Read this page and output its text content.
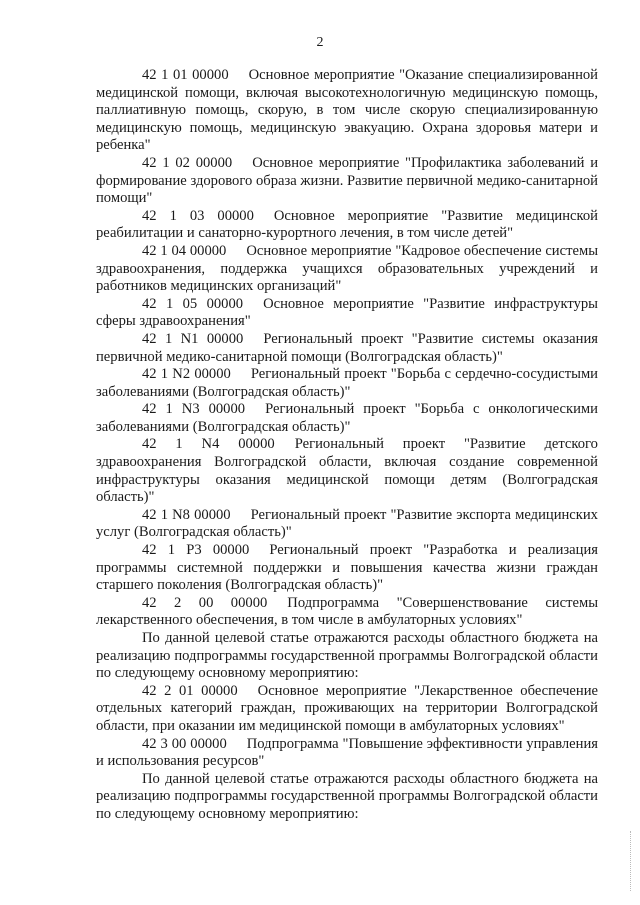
2

42 1 01 00000 Основное мероприятие "Оказание специализированной медицинской помощи, включая высокотехнологичную медицинскую помощь, паллиативную помощь, скорую, в том числе скорую специализированную медицинскую помощь, медицинскую эвакуацию. Охрана здоровья матери и ребенка"

42 1 02 00000 Основное мероприятие "Профилактика заболеваний и формирование здорового образа жизни. Развитие первичной медико-санитарной помощи"

42 1 03 00000 Основное мероприятие "Развитие медицинской реабилитации и санаторно-курортного лечения, в том числе детей"

42 1 04 00000 Основное мероприятие "Кадровое обеспечение системы здравоохранения, поддержка учащихся образовательных учреждений и работников медицинских организаций"

42 1 05 00000 Основное мероприятие "Развитие инфраструктуры сферы здравоохранения"

42 1 N1 00000 Региональный проект "Развитие системы оказания первичной медико-санитарной помощи (Волгоградская область)"

42 1 N2 00000 Региональный проект "Борьба с сердечно-сосудистыми заболеваниями (Волгоградская область)"

42 1 N3 00000 Региональный проект "Борьба с онкологическими заболеваниями (Волгоградская область)"

42 1 N4 00000 Региональный проект "Развитие детского здравоохранения Волгоградской области, включая создание современной инфраструктуры оказания медицинской помощи детям (Волгоградская область)"

42 1 N8 00000 Региональный проект "Развитие экспорта медицинских услуг (Волгоградская область)"

42 1 P3 00000 Региональный проект "Разработка и реализация программы системной поддержки и повышения качества жизни граждан старшего поколения (Волгоградская область)"

42 2 00 00000 Подпрограмма "Совершенствование системы лекарственного обеспечения, в том числе в амбулаторных условиях"

По данной целевой статье отражаются расходы областного бюджета на реализацию подпрограммы государственной программы Волгоградской области по следующему основному мероприятию:

42 2 01 00000 Основное мероприятие "Лекарственное обеспечение отдельных категорий граждан, проживающих на территории Волгоградской области, при оказании им медицинской помощи в амбулаторных условиях"

42 3 00 00000 Подпрограмма "Повышение эффективности управления и использования ресурсов"

По данной целевой статье отражаются расходы областного бюджета на реализацию подпрограммы государственной программы Волгоградской области по следующему основному мероприятию:
